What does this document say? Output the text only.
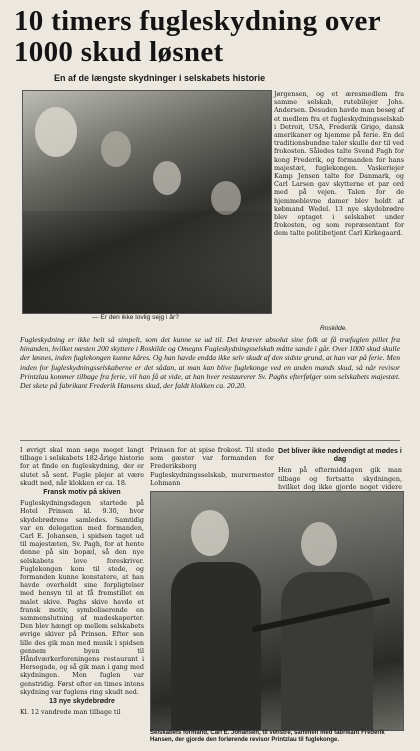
10 timers fugleskydning over 1000 skud løsnet
En af de længste skydninger i selskabets historie
— Er den ikke lovlig sejg i år?
Jørgensen, og et æresmedlem fra samme selskab, rutebilejer Johs. Andersen. Desuden havde man besøg af et medlem fra et fugleskydningsselskab i Detroit, USA, Frederik Grigo, dansk amerikaner og hjemme på ferie. En del traditionsbundne taler skulle der til ved frokosten. Således talte Svend Pagh for kong Frederik, og formanden for hans majestæt, fuglekongen. Vaskeriejer Kamp Jensen talte for Danmark, og Carl Larsen gav skytterne et par ord med på vejen. Talen for de hjemmeblevne damer blev holdt af købmand Wedel. 13 nye skydebrødre blev optaget i selskabet under frokosten, og som repræsentant for dem talte politibetjent Carl Kirkegaard.
Roskilde.
Fugleskydning er ikke helt så simpelt, som det kunne se ud til. Det kræver absolut sine folk at få træfuglen pillet fra hinanden, hvilket næsten 200 skyttere i Roskilde og Omegns Fugleskydningsselskab måtte sande i går. Over 1000 skud skulle der løsnes, inden fuglekongen kunne kåres. Og han havde endda ikke selv skudt af den sidste grund, at han var på ferie. Men inden for fugleskydningsselskaberne er det sådan, at man kan blive fuglekonge ved en anden mands skud, så når revisor Printzlau kommer tilbage fra ferie, vil han få at vide, at han hver restaurerer Sv. Paghs efterfølger som selskabets majestæt. Det skete på fabrikant Frederik Hansens skud, der faldt klokken ca. 20.20.
I øvrigt skal man søge meget langt tilbage i selskabets 182-årige historie for at finde en fugleskydning, der er slutet så sent. Fugle plejer at være skudt ned, når klokken er ca. 18.
Fransk motiv på skiven
Fugleskydningsdagen startede på Hotel Prinsen kl. 9.30, hvor skydebrødrene samledes. Samtidig var en delegation med formanden, Carl E. Johansen, i spidsen taget ud til majestæten, Sv. Pagh, for at hente denne på sin bopæl, så den nye selskabets love foreskriver. Fuglekongen kom til stede, og formanden kunne konstatere, at han havde overholdt sine forpligtelser med hensyn til at få fremstillet en malet skive. Paghs skive havde et fransk motiv, symboliserende en sammenslutning af madeskaperter. Den blev hængt op mellem selskabets øvrige skiver på Prinsen. Efter sen lille des gik man med musik i spidsen gennem byen til Håndværkerforeningens restaurant i Hersegade, og så gik man i gang med skydningen. Men fuglen var genstridig. Først efter en times intens skydning var fuglens ring skudt ned.
13 nye skydebrødre
Kl. 12 vandrede man tilbage til
Prinsen for at spise frokost. Til stede som gæster var formanden for Frederiksborg Fugleskydningsselskab, murermester Lohmann
Det bliver ikke nødvendigt at mødes i dag
Hen på eftermiddagen gik man tilbage og fortsatte skydningen, hvilket dog ikke gjorde noget videre
Selskabets formand, Carl E. Johansen, til venstre, sammen med fabrikant Frederik Hansen, der gjorde den forlørende revisor Printzlau til fuglekonge.
